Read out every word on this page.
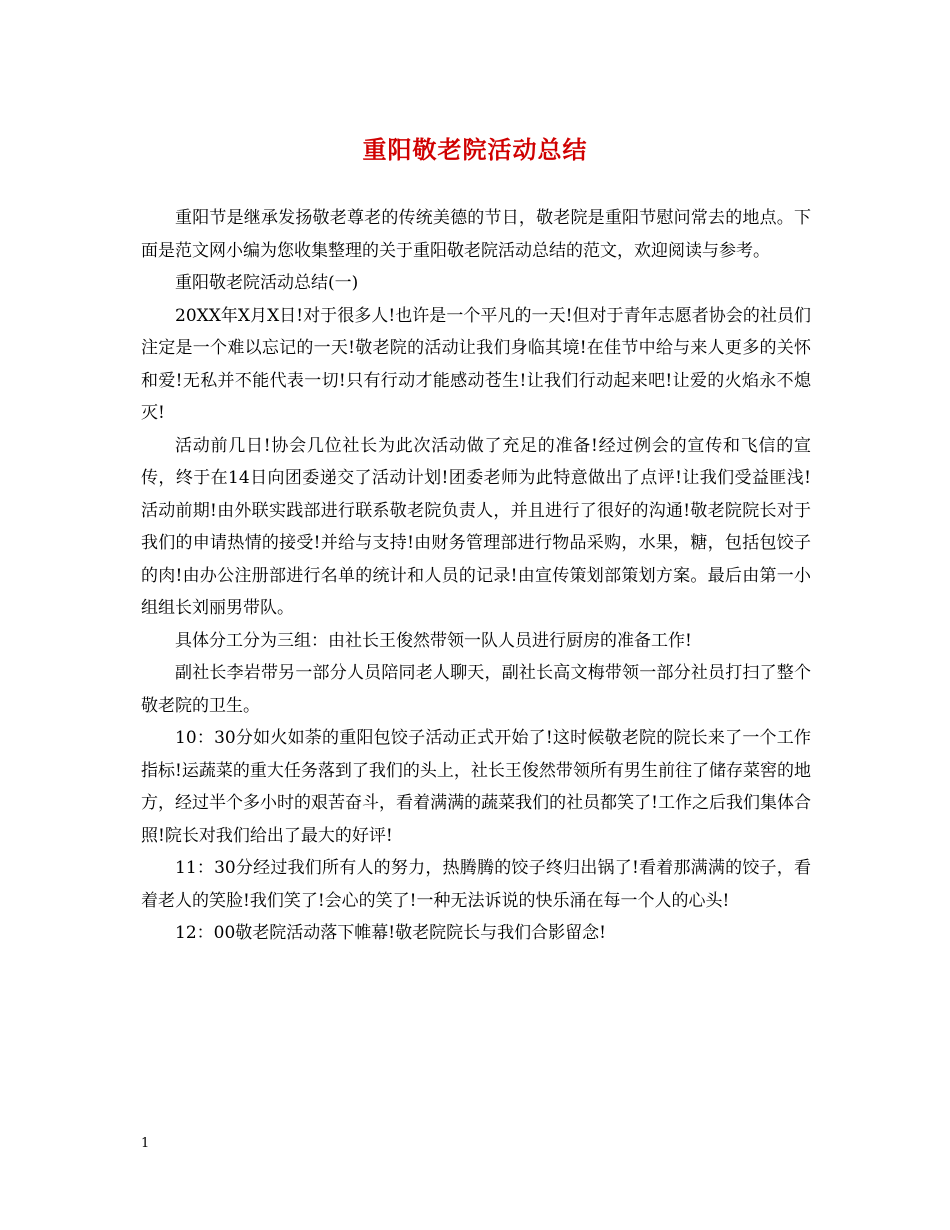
重阳敬老院活动总结

重阳节是继承发扬敬老尊老的传统美德的节日，敬老院是重阳节慰问常去的地点。下面是范文网小编为您收集整理的关于重阳敬老院活动总结的范文，欢迎阅读与参考。

重阳敬老院活动总结(一)

20XX年X月X日!对于很多人!也许是一个平凡的一天!但对于青年志愿者协会的社员们注定是一个难以忘记的一天!敬老院的活动让我们身临其境!在佳节中给与来人更多的关怀和爱!无私并不能代表一切!只有行动才能感动苍生!让我们行动起来吧!让爱的火焰永不熄灭!

活动前几日!协会几位社长为此次活动做了充足的准备!经过例会的宣传和飞信的宣传，终于在14日向团委递交了活动计划!团委老师为此特意做出了点评!让我们受益匪浅!活动前期!由外联实践部进行联系敬老院负责人，并且进行了很好的沟通!敬老院院长对于我们的申请热情的接受!并给与支持!由财务管理部进行物品采购，水果，糖，包括包饺子的肉!由办公注册部进行名单的统计和人员的记录!由宣传策划部策划方案。最后由第一小组组长刘丽男带队。

具体分工分为三组：由社长王俊然带领一队人员进行厨房的准备工作!

副社长李岩带另一部分人员陪同老人聊天，副社长高文梅带领一部分社员打扫了整个敬老院的卫生。

10：30分如火如荼的重阳包饺子活动正式开始了!这时候敬老院的院长来了一个工作指标!运蔬菜的重大任务落到了我们的头上，社长王俊然带领所有男生前往了储存菜窖的地方，经过半个多小时的艰苦奋斗，看着满满的蔬菜我们的社员都笑了!工作之后我们集体合照!院长对我们给出了最大的好评!

11：30分经过我们所有人的努力，热腾腾的饺子终归出锅了!看着那满满的饺子，看着老人的笑脸!我们笑了!会心的笑了!一种无法诉说的快乐涌在每一个人的心头!

12：00敬老院活动落下帷幕!敬老院院长与我们合影留念!

1
